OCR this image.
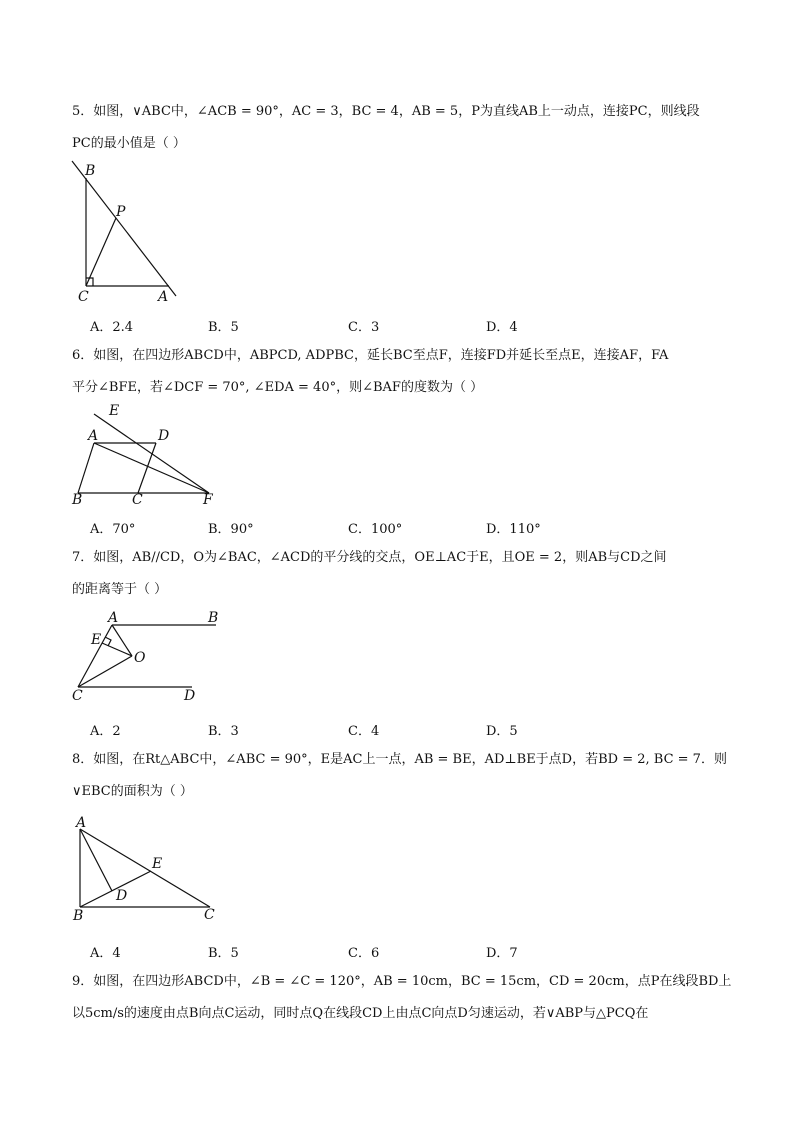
5．如图，∨ABC中，∠ACB = 90°，AC = 3，BC = 4，AB = 5，P为直线AB上一动点，连接PC，则线段
PC的最小值是（ ）
B
P
C	A
A．2.4	B．5	C．3	D．4
6．如图，在四边形ABCD中，ABPCD, ADPBC，延长BC至点F，连接FD并延长至点E，连接AF，FA
平分∠BFE，若∠DCF = 70°, ∠EDA = 40°，则∠BAF的度数为（ ）
E
A	D
B	C	F
A．70°	B．90°	C．100°	D．110°
7．如图，AB//CD，O为∠BAC，∠ACD的平分线的交点，OE⊥AC于E，且OE = 2，则AB与CD之间
的距离等于（ ）
A	B
E
O
C	D
A．2	B．3	C．4	D．5
8．如图，在Rt△ABC中，∠ABC = 90°，E是AC上一点，AB = BE，AD⊥BE于点D，若BD = 2, BC = 7．则
∨EBC的面积为（ ）
A
E
D
B	C
A．4	B．5	C．6	D．7
9．如图，在四边形ABCD中，∠B = ∠C = 120°，AB = 10cm，BC = 15cm，CD = 20cm，点P在线段BD上
以5cm/s的速度由点B向点C运动，同时点Q在线段CD上由点C向点D匀速运动，若∨ABP与△PCQ在
